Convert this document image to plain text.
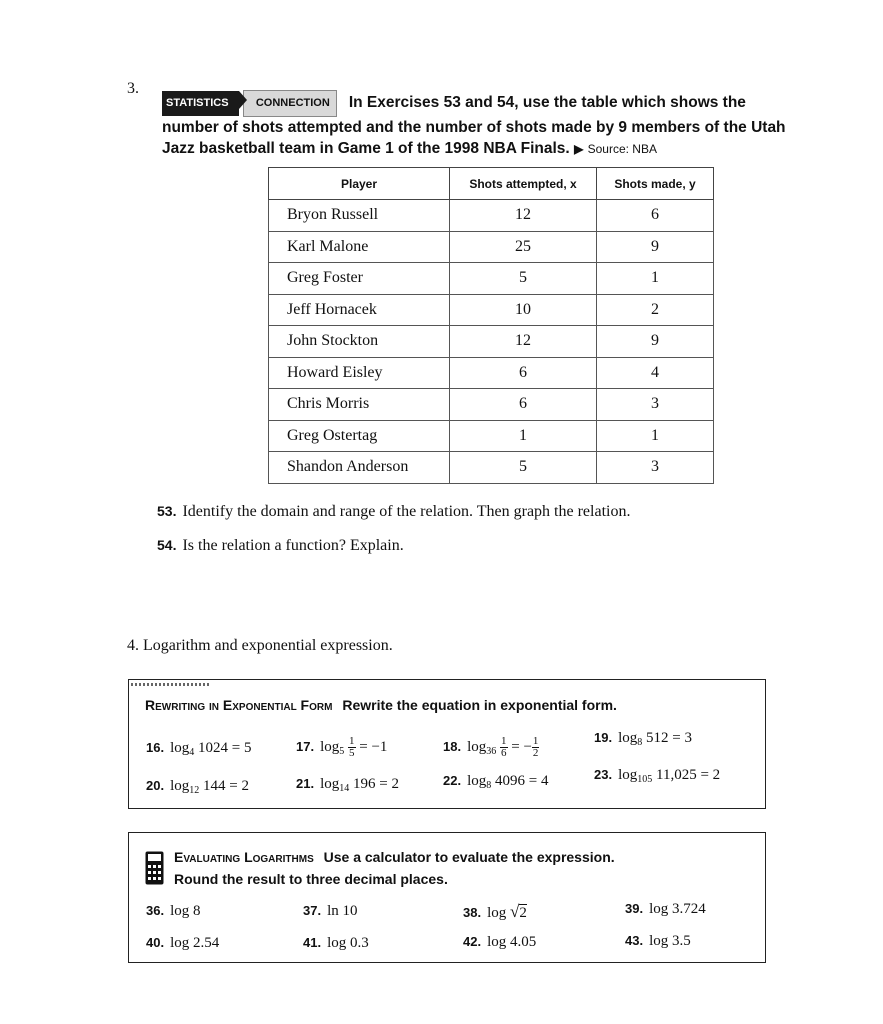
3.
STATISTICS CONNECTION In Exercises 53 and 54, use the table which shows the number of shots attempted and the number of shots made by 9 members of the Utah Jazz basketball team in Game 1 of the 1998 NBA Finals. ▶ Source: NBA
Player	Shots attempted, x	Shots made, y
Bryon Russell	12	6
Karl Malone	25	9
Greg Foster	5	1
Jeff Hornacek	10	2
John Stockton	12	9
Howard Eisley	6	4
Chris Morris	6	3
Greg Ostertag	1	1
Shandon Anderson	5	3
53. Identify the domain and range of the relation. Then graph the relation.
54. Is the relation a function? Explain.
4. Logarithm and exponential expression.
Rewriting in Exponential Form Rewrite the equation in exponential form.
16. $\log_4 1024 = 5$	17. $\log_5 \frac{1}{5} = -1$	18. $\log_{36} \frac{1}{6}$ = − $\frac{1}{2}$	19. $\log_8 512 = 3$
20. $\log_{12} 144 = 2$	21. $\log_{14} 196 = 2$	22. $\log_8 4096 = 4$	23. $\log_{105} 11,025 = 2$
Evaluating Logarithms Use a calculator to evaluate the expression.
Round the result to three decimal places.
36. log 8	37. ln 10	38. log √2	39. log 3.724
40. log 2.54	41. log 0.3	42. log 4.05	43. log 3.5
